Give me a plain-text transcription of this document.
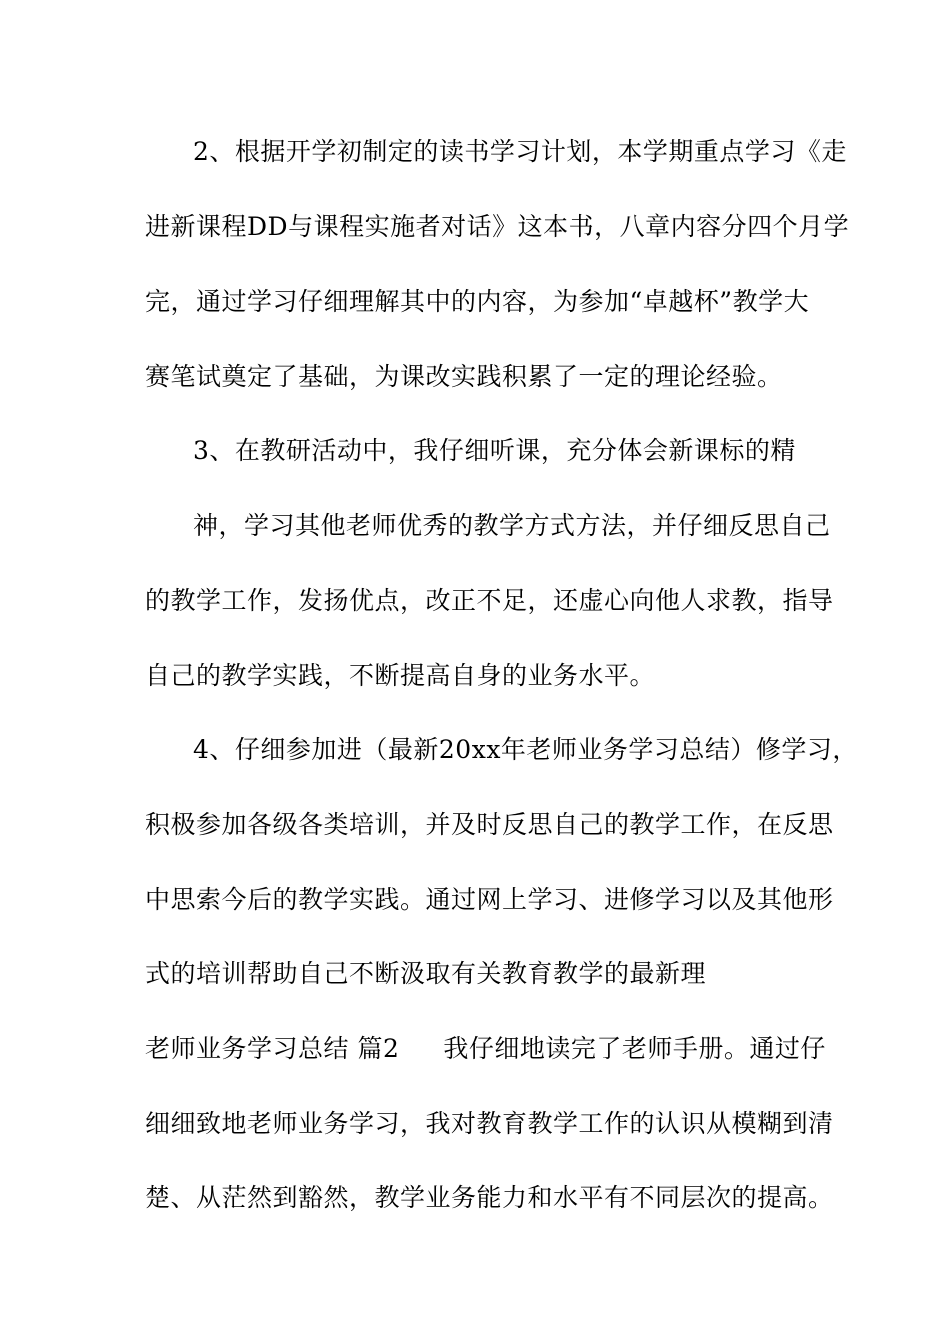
2、根据开学初制定的读书学习计划，本学期重点学习《走
进新课程DD与课程实施者对话》这本书，八章内容分四个月学
完，通过学习仔细理解其中的内容，为参加“卓越杯”教学大
赛笔试奠定了基础，为课改实践积累了一定的理论经验。
3、在教研活动中，我仔细听课，充分体会新课标的精
神，学习其他老师优秀的教学方式方法，并仔细反思自己
的教学工作，发扬优点，改正不足，还虚心向他人求教，指导
自己的教学实践，不断提高自身的业务水平。
4、仔细参加进（最新20xx年老师业务学习总结）修学习，
积极参加各级各类培训，并及时反思自己的教学工作，在反思
中思索今后的教学实践。通过网上学习、进修学习以及其他形
式的培训帮助自己不断汲取有关教育教学的最新理
老师业务学习总结 篇2 我仔细地读完了老师手册。通过仔
细细致地老师业务学习，我对教育教学工作的认识从模糊到清
楚、从茫然到豁然，教学业务能力和水平有不同层次的提高。
